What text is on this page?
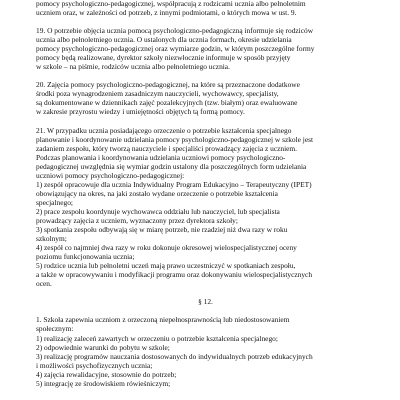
pomocy psychologiczno-pedagogicznej, współpracują z rodzicami ucznia albo pełnoletnim
uczniem oraz, w zależności od potrzeb, z innymi podmiotami, o których mowa w ust. 9.
19. O potrzebie objęcia ucznia pomocą psychologiczno-pedagogiczną informuje się rodziców
ucznia albo pełnoletniego ucznia. O ustalonych dla ucznia formach, okresie udzielania
pomocy psychologiczno-pedagogicznej oraz wymiarze godzin, w którym poszczególne formy
pomocy będą realizowane, dyrektor szkoły niezwłocznie informuje w sposób przyjęty
w szkole – na piśmie, rodziców ucznia albo pełnoletniego ucznia.
20. Zajęcia pomocy psychologiczno-pedagogicznej, na które są przeznaczone dodatkowe
środki poza wynagrodzeniem zasadniczym nauczycieli, wychowawcy, specjalisty,
są dokumentowane w dziennikach zajęć pozalekcyjnych (tzw. białym) oraz ewaluowane
w zakresie przyrostu wiedzy i umiejętności objętych tą formą pomocy.
21. W przypadku ucznia posiadającego orzeczenie o potrzebie kształcenia specjalnego
planowanie i koordynowanie udzielania pomocy psychologiczno-pedagogicznej w szkole jest
zadaniem zespołu, który tworzą nauczyciele i specjaliści prowadzący zajęcia z uczniem.
Podczas planowania i koordynowania udzielania uczniowi pomocy psychologiczno-
pedagogicznej uwzględnia się wymiar godzin ustalony dla poszczególnych form udzielania
uczniowi pomocy psychologiczno-pedagogicznej:
1) zespół opracowuje dla ucznia Indywidualny Program Edukacyjno – Terapeutyczny (IPET)
obowiązujący na okres, na jaki zostało wydane orzeczenie o potrzebie kształcenia
specjalnego;
2) prace zespołu koordynuje wychowawca oddziału lub nauczyciel, lub specjalista
prowadzący zajęcia z uczniem, wyznaczony przez dyrektora szkoły;
3) spotkania zespołu odbywają się w miarę potrzeb, nie rzadziej niż dwa razy w roku
szkolnym;
4) zespół co najmniej dwa razy w roku dokonuje okresowej wielospecjalistycznej oceny
poziomu funkcjonowania ucznia;
5) rodzice ucznia lub pełnoletni uczeń mają prawo uczestniczyć w spotkaniach zespołu,
a także w opracowywaniu i modyfikacji programu oraz dokonywaniu wielospecjalistycznych
ocen.
§ 12.
1. Szkoła zapewnia uczniom z orzeczoną niepełnosprawnością lub niedostosowaniem
społecznym:
1) realizację zaleceń zawartych w orzeczeniu o potrzebie kształcenia specjalnego;
2) odpowiednie warunki do pobytu w szkole;
3) realizację programów nauczania dostosowanych do indywidualnych potrzeb edukacyjnych
i możliwości psychofizycznych ucznia;
4) zajęcia rewalidacyjne, stosownie do potrzeb;
5) integrację ze środowiskiem rówieśniczym;
